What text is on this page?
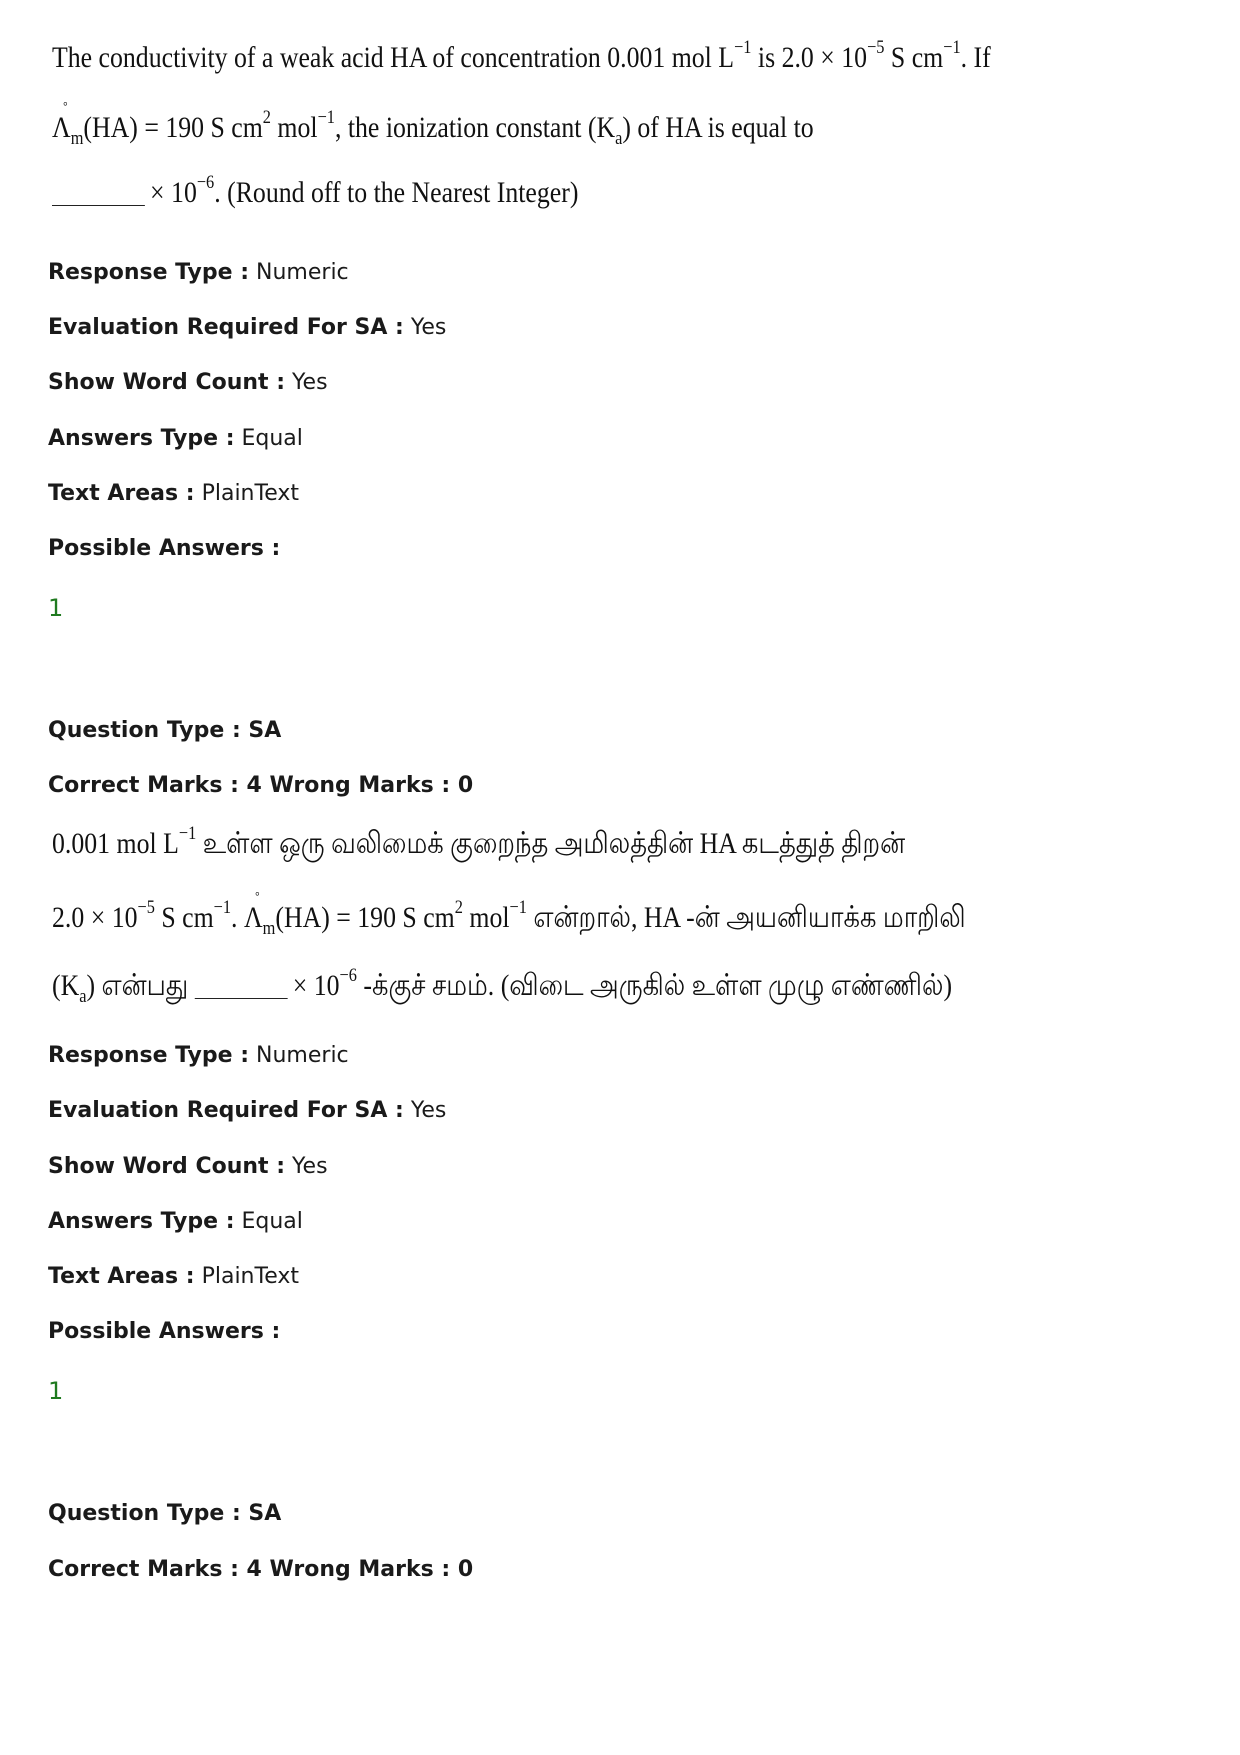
The conductivity of a weak acid HA of concentration 0.001 mol $L^{-1}$ is $2.0 \times 10^{-5}$ S $cm^{-1}$. If
°
$\Lambda_m(HA) = 190$ S $cm^2$ mol$^{-1}$, the ionization constant $(K_a)$ of HA is equal to
× $10^{-6}$. (Round off to the Nearest Integer)
Response Type : Numeric
Evaluation Required For SA : Yes
Show Word Count : Yes
Answers Type : Equal
Text Areas : PlainText
Possible Answers :
1
Question Type : SA
Correct Marks : 4 Wrong Marks : 0
0.001 mol $L^{-1}$ உள்ள ஒரு வலிமைக் குறைந்த அமிலத்தின் HA கடத்துத் திறன்
$2.0 \times 10^{-5}$ S $cm^{-1}$.
°
$\Lambda_m(HA) = 190$ S $cm^2$ mol$^{-1}$ என்றால், HA -ன் அயனியாக்க மாறிலி
$(K_a)$ என்பது	× $10^{-6}$ -க்குச் சமம். (விடை அருகில் உள்ள முழு எண்ணில்)
Response Type : Numeric
Evaluation Required For SA : Yes
Show Word Count : Yes
Answers Type : Equal
Text Areas : PlainText
Possible Answers :
1
Question Type : SA
Correct Marks : 4 Wrong Marks : 0
